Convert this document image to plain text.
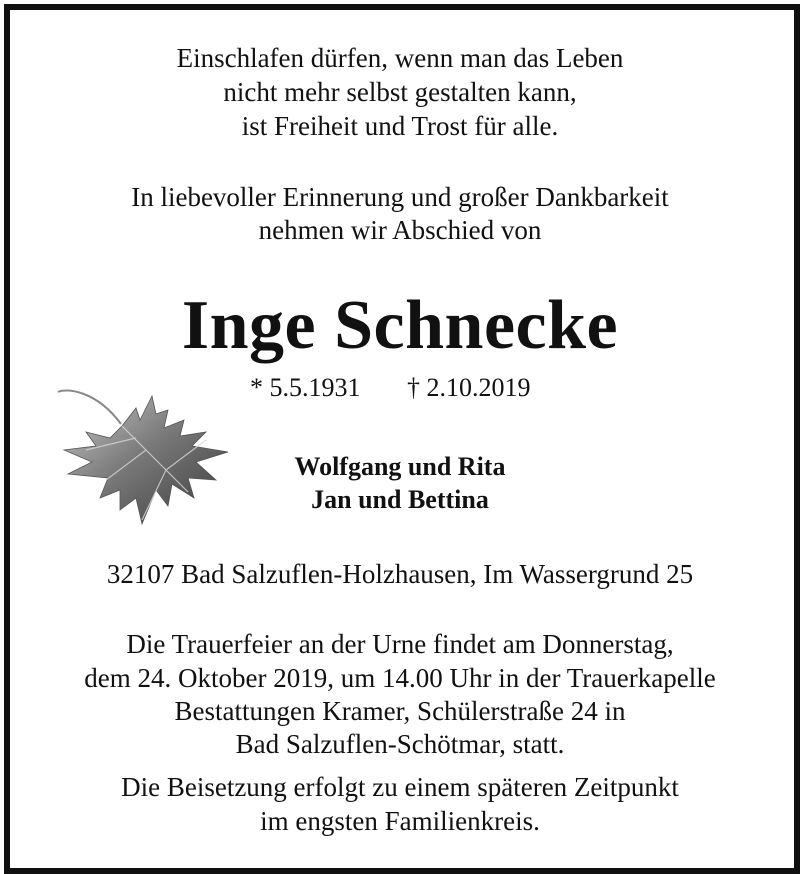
Einschlafen dürfen, wenn man das Leben
nicht mehr selbst gestalten kann,
ist Freiheit und Trost für alle.
In liebevoller Erinnerung und großer Dankbarkeit
nehmen wir Abschied von
Inge Schnecke
* 5.5.1931 † 2.10.2019
Wolfgang und Rita
Jan und Bettina
32107 Bad Salzuflen-Holzhausen, Im Wassergrund 25
Die Trauerfeier an der Urne findet am Donnerstag,
dem 24. Oktober 2019, um 14.00 Uhr in der Trauerkapelle
Bestattungen Kramer, Schülerstraße 24 in
Bad Salzuflen-Schötmar, statt.
Die Beisetzung erfolgt zu einem späteren Zeitpunkt
im engsten Familienkreis.
